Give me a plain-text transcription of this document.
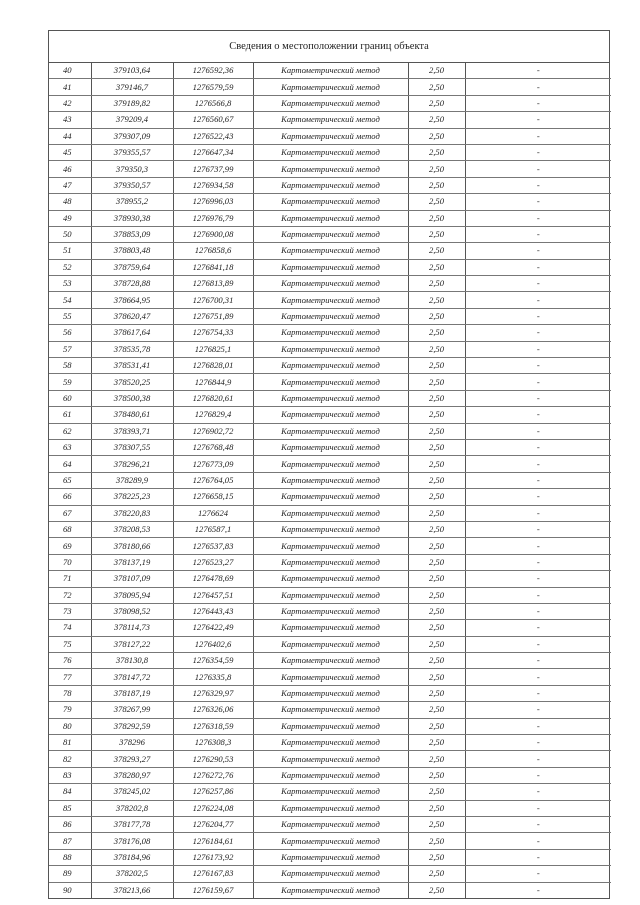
Сведения о местоположении границ объекта
40	379103,64	1276592,36	Картометрический метод	2,50	-
41	379146,7	1276579,59	Картометрический метод	2,50	-
42	379189,82	1276566,8	Картометрический метод	2,50	-
43	379209,4	1276560,67	Картометрический метод	2,50	-
44	379307,09	1276522,43	Картометрический метод	2,50	-
45	379355,57	1276647,34	Картометрический метод	2,50	-
46	379350,3	1276737,99	Картометрический метод	2,50	-
47	379350,57	1276934,58	Картометрический метод	2,50	-
48	378955,2	1276996,03	Картометрический метод	2,50	-
49	378930,38	1276976,79	Картометрический метод	2,50	-
50	378853,09	1276900,08	Картометрический метод	2,50	-
51	378803,48	1276858,6	Картометрический метод	2,50	-
52	378759,64	1276841,18	Картометрический метод	2,50	-
53	378728,88	1276813,89	Картометрический метод	2,50	-
54	378664,95	1276700,31	Картометрический метод	2,50	-
55	378620,47	1276751,89	Картометрический метод	2,50	-
56	378617,64	1276754,33	Картометрический метод	2,50	-
57	378535,78	1276825,1	Картометрический метод	2,50	-
58	378531,41	1276828,01	Картометрический метод	2,50	-
59	378520,25	1276844,9	Картометрический метод	2,50	-
60	378500,38	1276820,61	Картометрический метод	2,50	-
61	378480,61	1276829,4	Картометрический метод	2,50	-
62	378393,71	1276902,72	Картометрический метод	2,50	-
63	378307,55	1276768,48	Картометрический метод	2,50	-
64	378296,21	1276773,09	Картометрический метод	2,50	-
65	378289,9	1276764,05	Картометрический метод	2,50	-
66	378225,23	1276658,15	Картометрический метод	2,50	-
67	378220,83	1276624	Картометрический метод	2,50	-
68	378208,53	1276587,1	Картометрический метод	2,50	-
69	378180,66	1276537,83	Картометрический метод	2,50	-
70	378137,19	1276523,27	Картометрический метод	2,50	-
71	378107,09	1276478,69	Картометрический метод	2,50	-
72	378095,94	1276457,51	Картометрический метод	2,50	-
73	378098,52	1276443,43	Картометрический метод	2,50	-
74	378114,73	1276422,49	Картометрический метод	2,50	-
75	378127,22	1276402,6	Картометрический метод	2,50	-
76	378130,8	1276354,59	Картометрический метод	2,50	-
77	378147,72	1276335,8	Картометрический метод	2,50	-
78	378187,19	1276329,97	Картометрический метод	2,50	-
79	378267,99	1276326,06	Картометрический метод	2,50	-
80	378292,59	1276318,59	Картометрический метод	2,50	-
81	378296	1276308,3	Картометрический метод	2,50	-
82	378293,27	1276290,53	Картометрический метод	2,50	-
83	378280,97	1276272,76	Картометрический метод	2,50	-
84	378245,02	1276257,86	Картометрический метод	2,50	-
85	378202,8	1276224,08	Картометрический метод	2,50	-
86	378177,78	1276204,77	Картометрический метод	2,50	-
87	378176,08	1276184,61	Картометрический метод	2,50	-
88	378184,96	1276173,92	Картометрический метод	2,50	-
89	378202,5	1276167,83	Картометрический метод	2,50	-
90	378213,66	1276159,67	Картометрический метод	2,50	-
